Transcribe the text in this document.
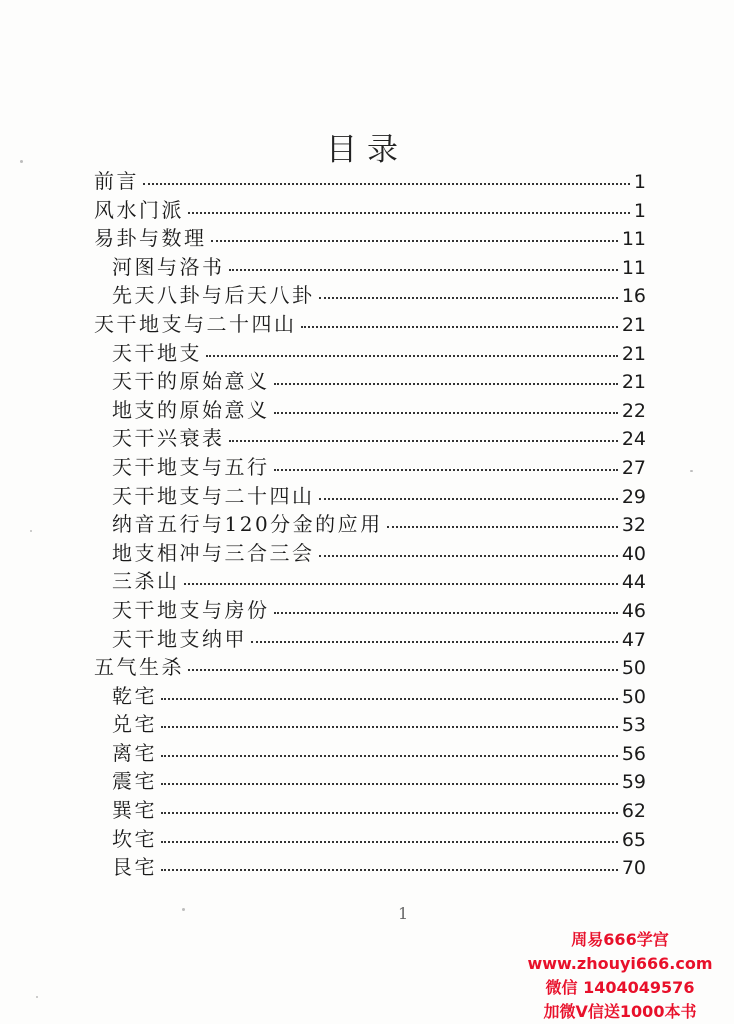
目录
前言	1
风水门派	1
易卦与数理	11
河图与洛书	11
先天八卦与后天八卦	16
天干地支与二十四山	21
天干地支	21
天干的原始意义	21
地支的原始意义	22
天干兴衰表	24
天干地支与五行	27
天干地支与二十四山	29
纳音五行与120分金的应用	32
地支相冲与三合三会	40
三杀山	44
天干地支与房份	46
天干地支纳甲	47
五气生杀	50
乾宅	50
兑宅	53
离宅	56
震宅	59
巽宅	62
坎宅	65
艮宅	70
1
周易666学宫
www.zhouyi666.com
微信 1404049576
加微V信送1000本书
